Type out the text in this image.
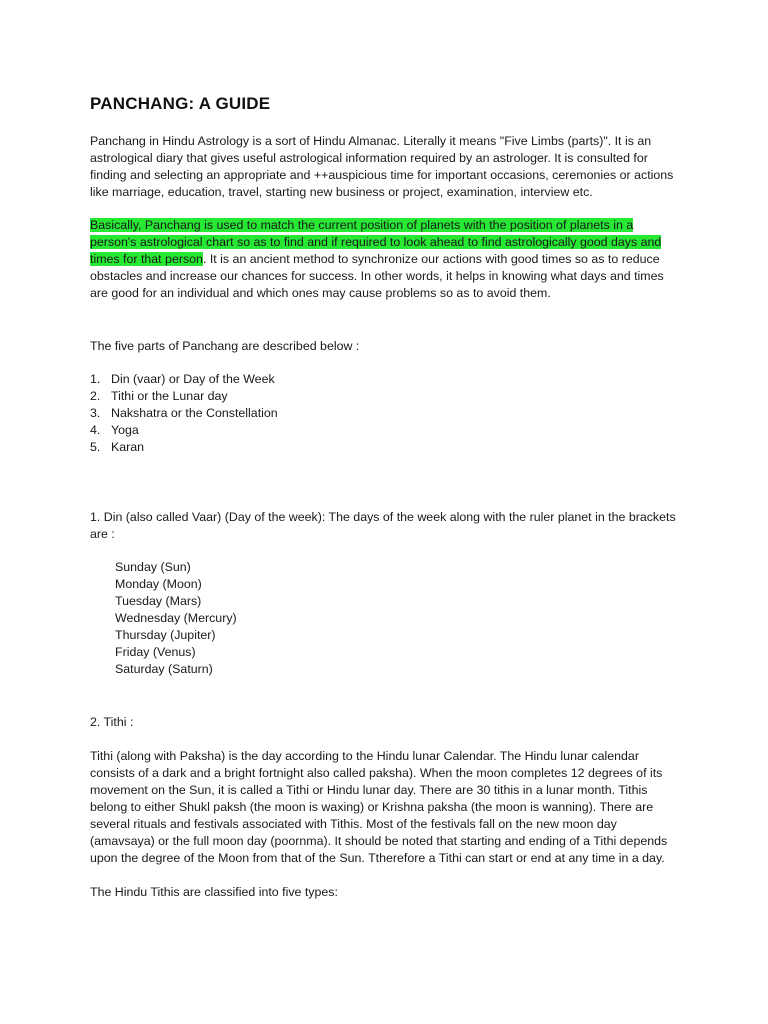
PANCHANG: A GUIDE

Panchang in Hindu Astrology is a sort of Hindu Almanac. Literally it means "Five Limbs (parts)". It is an astrological diary that gives useful astrological information required by an astrologer. It is consulted for finding and selecting an appropriate and ++auspicious time for important occasions, ceremonies or actions like marriage, education, travel, starting new business or project, examination, interview etc.

Basically, Panchang is used to match the current position of planets with the position of planets in a person's astrological chart so as to find and if required to look ahead to find astrologically good days and times for that person. It is an ancient method to synchronize our actions with good times so as to reduce obstacles and increase our chances for success. In other words, it helps in knowing what days and times are good for an individual and which ones may cause problems so as to avoid them.

The five parts of Panchang are described below :

1. Din (vaar) or Day of the Week
2. Tithi or the Lunar day
3. Nakshatra or the Constellation
4. Yoga
5. Karan

1. Din (also called Vaar) (Day of the week): The days of the week along with the ruler planet in the brackets are :

Sunday (Sun)
Monday (Moon)
Tuesday (Mars)
Wednesday (Mercury)
Thursday (Jupiter)
Friday (Venus)
Saturday (Saturn)

2. Tithi :

Tithi (along with Paksha) is the day according to the Hindu lunar Calendar. The Hindu lunar calendar consists of a dark and a bright fortnight also called paksha). When the moon completes 12 degrees of its movement on the Sun, it is called a Tithi or Hindu lunar day. There are 30 tithis in a lunar month. Tithis belong to either Shukl paksh (the moon is waxing) or Krishna paksha (the moon is wanning). There are several rituals and festivals associated with Tithis. Most of the festivals fall on the new moon day (amavsaya) or the full moon day (poornma). It should be noted that starting and ending of a Tithi depends upon the degree of the Moon from that of the Sun. Ttherefore a Tithi can start or end at any time in a day.

The Hindu Tithis are classified into five types:
